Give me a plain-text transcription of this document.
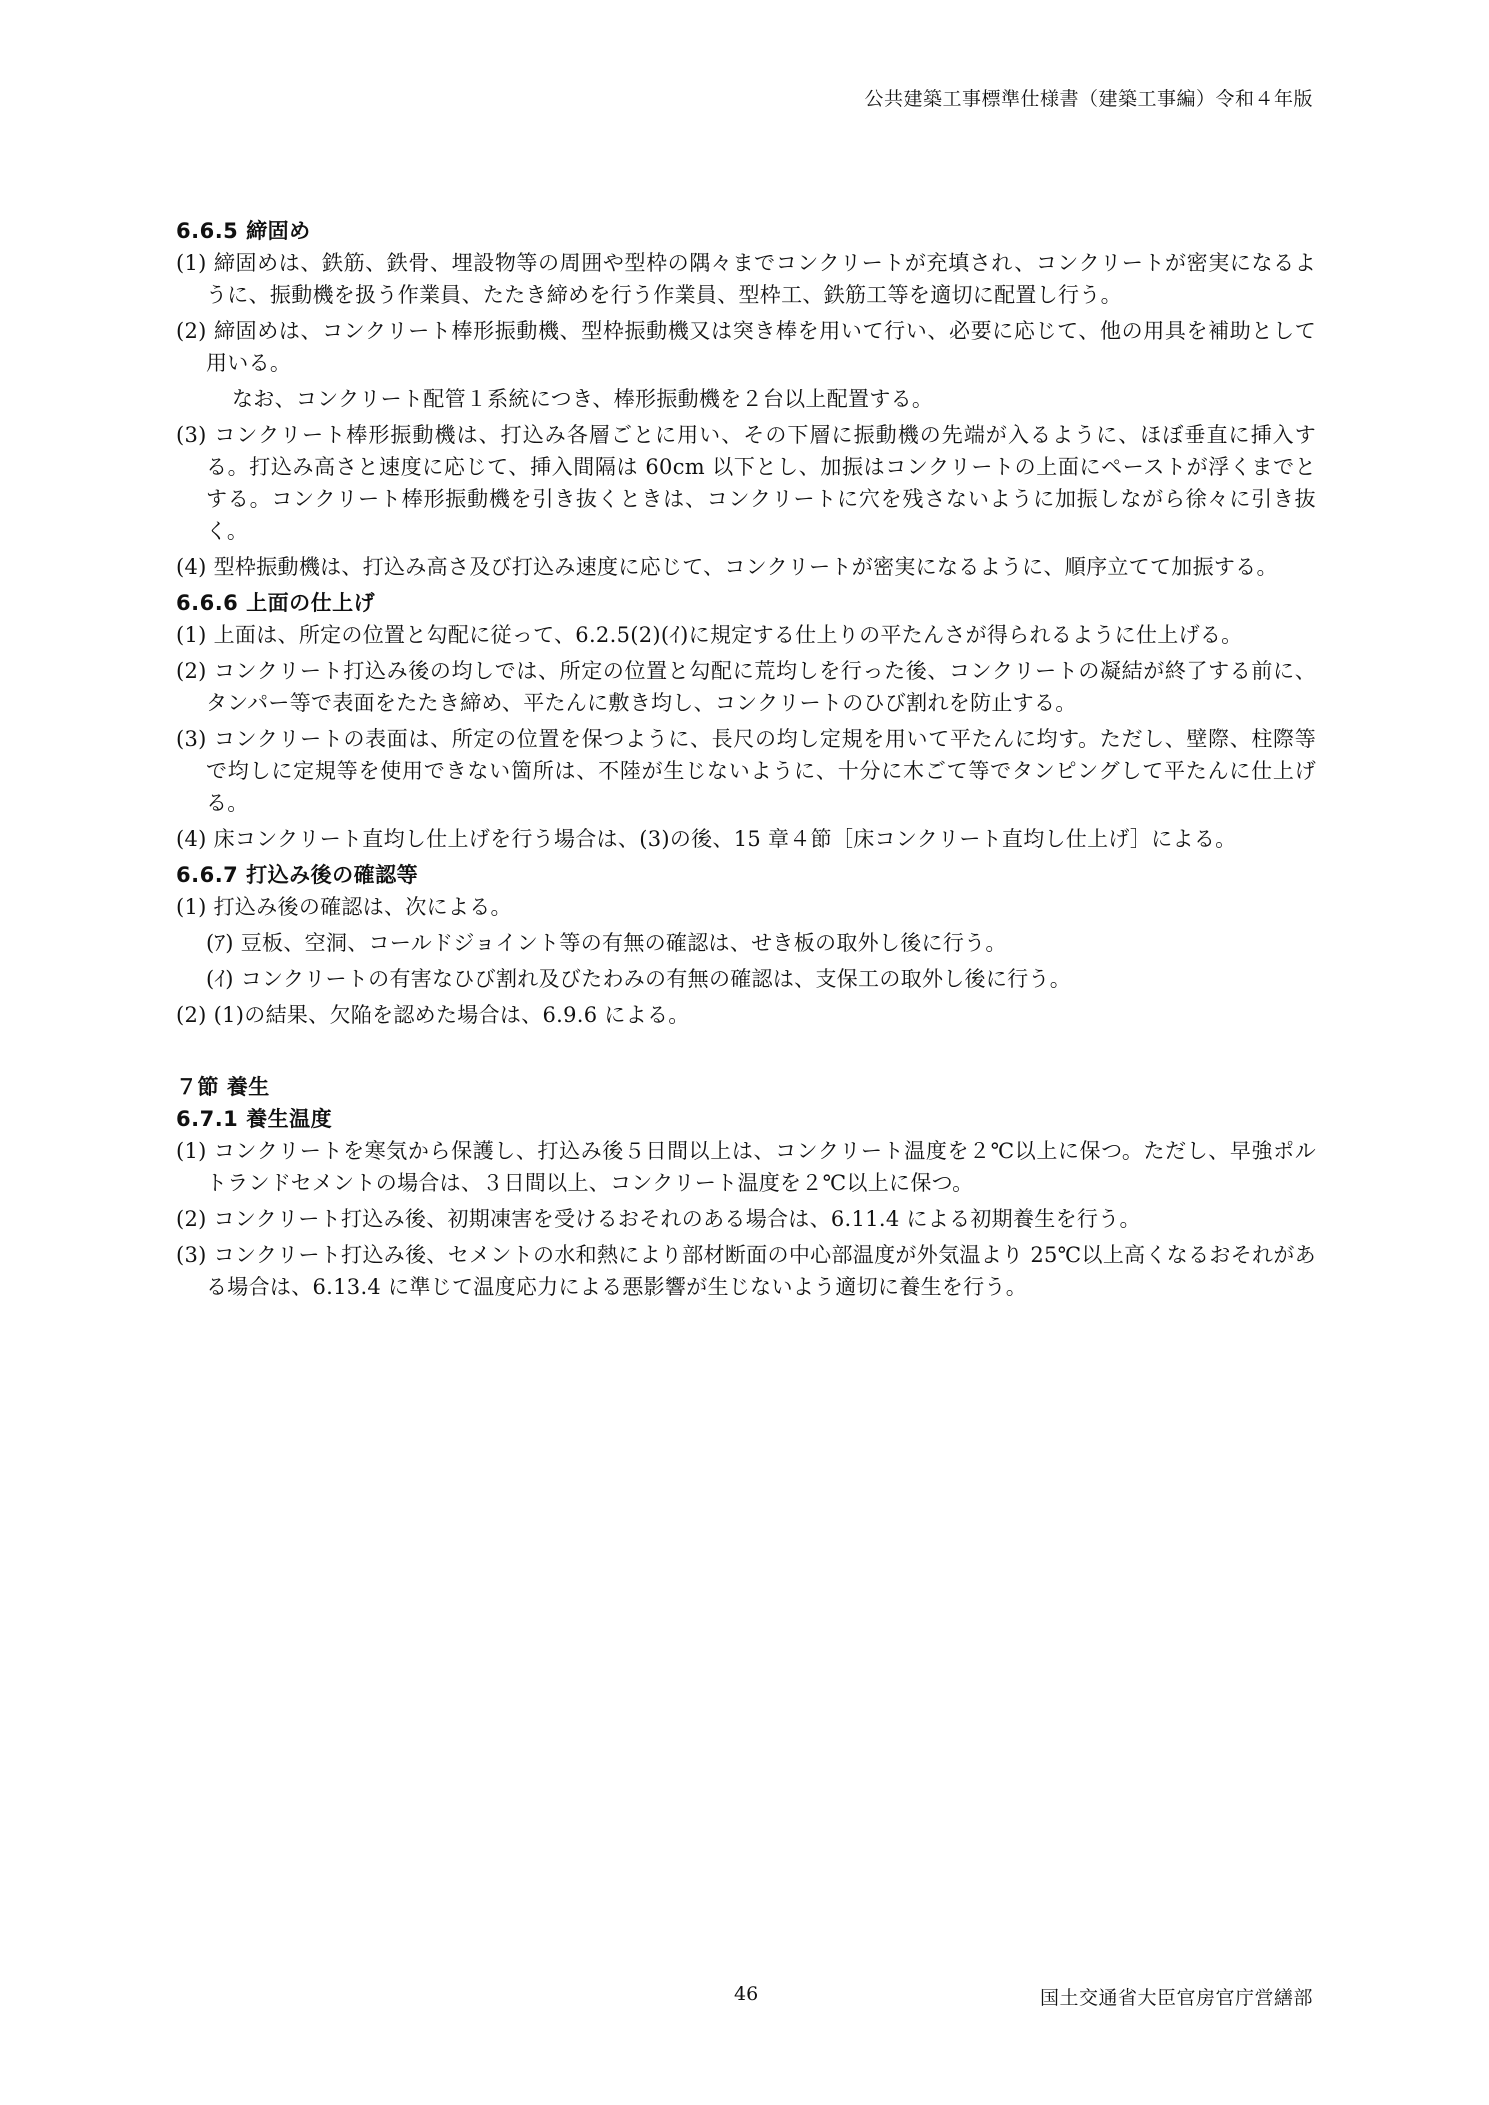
公共建築工事標準仕様書（建築工事編）令和４年版

6.6.5 締固め

(1) 締固めは、鉄筋、鉄骨、埋設物等の周囲や型枠の隅々までコンクリートが充填され、コンクリートが密実になるように、振動機を扱う作業員、たたき締めを行う作業員、型枠工、鉄筋工等を適切に配置し行う。

(2) 締固めは、コンクリート棒形振動機、型枠振動機又は突き棒を用いて行い、必要に応じて、他の用具を補助として用いる。

なお、コンクリート配管１系統につき、棒形振動機を２台以上配置する。

(3) コンクリート棒形振動機は、打込み各層ごとに用い、その下層に振動機の先端が入るように、ほぼ垂直に挿入する。打込み高さと速度に応じて、挿入間隔は 60cm 以下とし、加振はコンクリートの上面にペーストが浮くまでとする。コンクリート棒形振動機を引き抜くときは、コンクリートに穴を残さないように加振しながら徐々に引き抜く。

(4) 型枠振動機は、打込み高さ及び打込み速度に応じて、コンクリートが密実になるように、順序立てて加振する。

6.6.6 上面の仕上げ

(1) 上面は、所定の位置と勾配に従って、6.2.5(2)(ｲ)に規定する仕上りの平たんさが得られるように仕上げる。

(2) コンクリート打込み後の均しでは、所定の位置と勾配に荒均しを行った後、コンクリートの凝結が終了する前に、タンパー等で表面をたたき締め、平たんに敷き均し、コンクリートのひび割れを防止する。

(3) コンクリートの表面は、所定の位置を保つように、長尺の均し定規を用いて平たんに均す。ただし、壁際、柱際等で均しに定規等を使用できない箇所は、不陸が生じないように、十分に木ごて等でタンピングして平たんに仕上げる。

(4) 床コンクリート直均し仕上げを行う場合は、(3)の後、15 章４節［床コンクリート直均し仕上げ］による。

6.6.7 打込み後の確認等

(1) 打込み後の確認は、次による。

(ｱ) 豆板、空洞、コールドジョイント等の有無の確認は、せき板の取外し後に行う。

(ｲ) コンクリートの有害なひび割れ及びたわみの有無の確認は、支保工の取外し後に行う。

(2) (1)の結果、欠陥を認めた場合は、6.9.6 による。

７節 養生

6.7.1 養生温度

(1) コンクリートを寒気から保護し、打込み後５日間以上は、コンクリート温度を２℃以上に保つ。ただし、早強ポルトランドセメントの場合は、３日間以上、コンクリート温度を２℃以上に保つ。

(2) コンクリート打込み後、初期凍害を受けるおそれのある場合は、6.11.4 による初期養生を行う。

(3) コンクリート打込み後、セメントの水和熱により部材断面の中心部温度が外気温より 25℃以上高くなるおそれがある場合は、6.13.4 に準じて温度応力による悪影響が生じないよう適切に養生を行う。

46	国土交通省大臣官房官庁営繕部
